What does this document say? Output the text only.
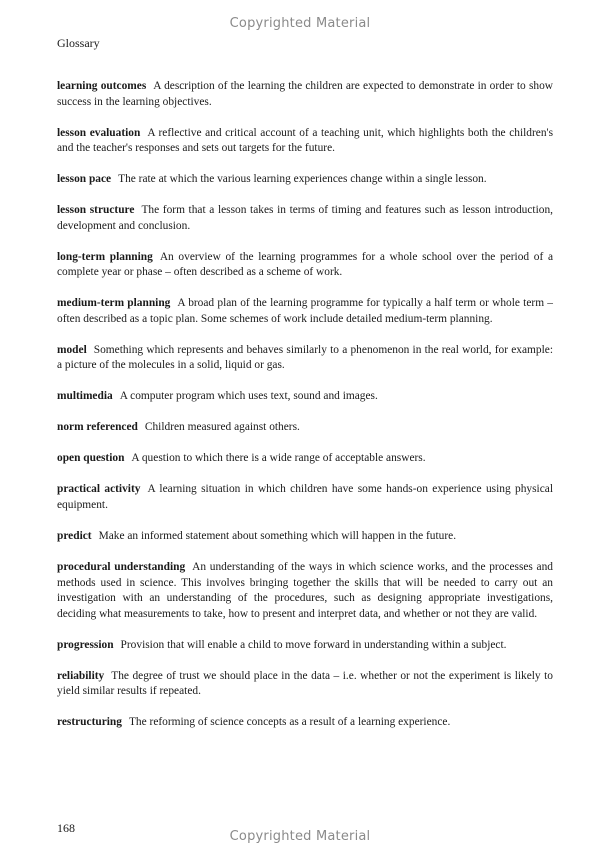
Copyrighted Material
Glossary

learning outcomes A description of the learning the children are expected to demonstrate in order to show success in the learning objectives.

lesson evaluation A reflective and critical account of a teaching unit, which highlights both the children's and the teacher's responses and sets out targets for the future.

lesson pace The rate at which the various learning experiences change within a single lesson.

lesson structure The form that a lesson takes in terms of timing and features such as lesson introduction, development and conclusion.

long-term planning An overview of the learning programmes for a whole school over the period of a complete year or phase – often described as a scheme of work.

medium-term planning A broad plan of the learning programme for typically a half term or whole term – often described as a topic plan. Some schemes of work include detailed medium-term planning.

model Something which represents and behaves similarly to a phenomenon in the real world, for example: a picture of the molecules in a solid, liquid or gas.

multimedia A computer program which uses text, sound and images.

norm referenced Children measured against others.

open question A question to which there is a wide range of acceptable answers.

practical activity A learning situation in which children have some hands-on experience using physical equipment.

predict Make an informed statement about something which will happen in the future.

procedural understanding An understanding of the ways in which science works, and the processes and methods used in science. This involves bringing together the skills that will be needed to carry out an investigation with an understanding of the procedures, such as designing appropriate investigations, deciding what measurements to take, how to present and interpret data, and whether or not they are valid.

progression Provision that will enable a child to move forward in understanding within a subject.

reliability The degree of trust we should place in the data – i.e. whether or not the experiment is likely to yield similar results if repeated.

restructuring The reforming of science concepts as a result of a learning experience.

168
Copyrighted Material
